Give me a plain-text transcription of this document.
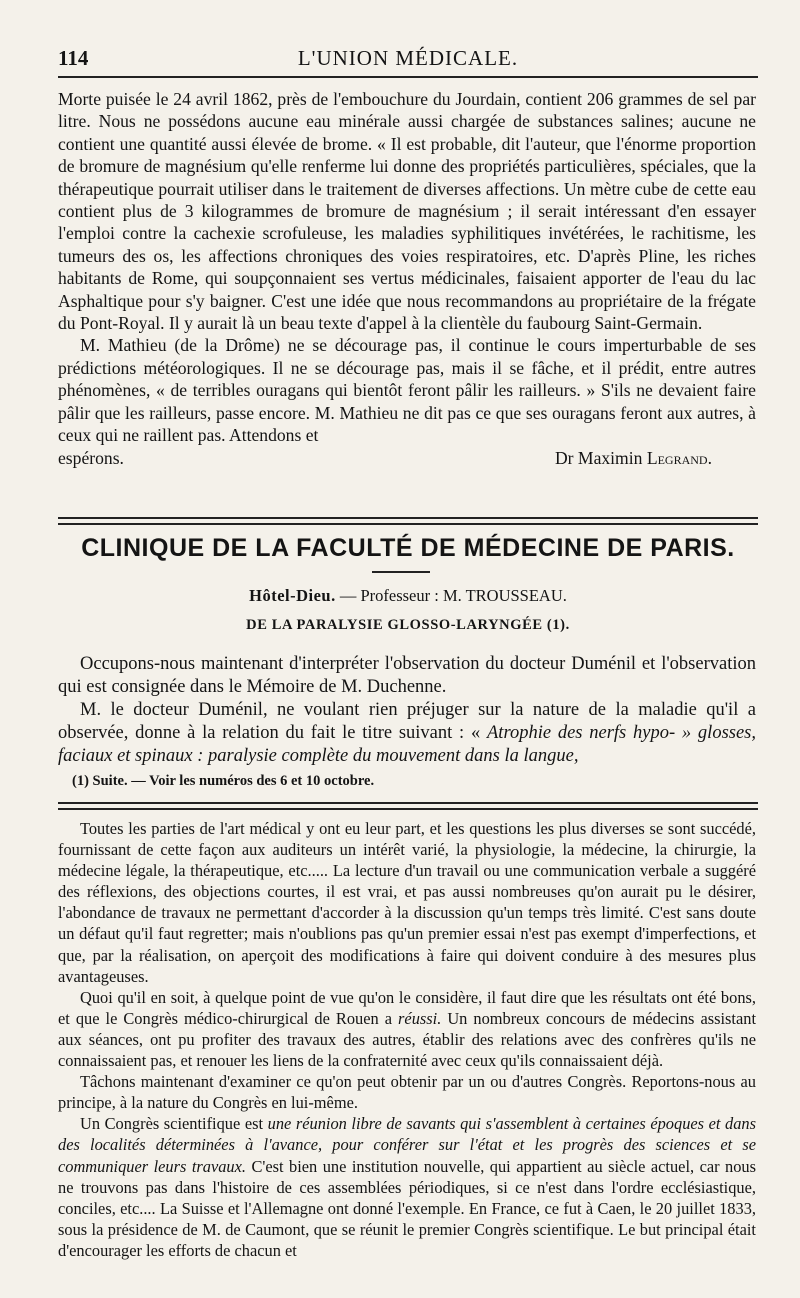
114	L'UNION MÉDICALE.

Morte puisée le 24 avril 1862, près de l'embouchure du Jourdain, contient 206 grammes de sel par litre. Nous ne possédons aucune eau minérale aussi chargée de substances salines; aucune ne contient une quantité aussi élevée de brome. « Il est probable, dit l'auteur, que l'énorme proportion de bromure de magnésium qu'elle renferme lui donne des propriétés particulières, spéciales, que la thérapeutique pourrait utiliser dans le traitement de diverses affections. Un mètre cube de cette eau contient plus de 3 kilogrammes de bromure de magnésium ; il serait intéressant d'en essayer l'emploi contre la cachexie scrofuleuse, les maladies syphilitiques invétérées, le rachitisme, les tumeurs des os, les affections chroniques des voies respiratoires, etc. D'après Pline, les riches habitants de Rome, qui soupçonnaient ses vertus médicinales, faisaient apporter de l'eau du lac Asphaltique pour s'y baigner. C'est une idée que nous recommandons au propriétaire de la frégate du Pont-Royal. Il y aurait là un beau texte d'appel à la clientèle du faubourg Saint-Germain.

M. Mathieu (de la Drôme) ne se décourage pas, il continue le cours imperturbable de ses prédictions météorologiques. Il ne se décourage pas, mais il se fâche, et il prédit, entre autres phénomènes, « de terribles ouragans qui bientôt feront pâlir les railleurs. » S'ils ne devaient faire pâlir que les railleurs, passe encore. M. Mathieu ne dit pas ce que ses ouragans feront aux autres, à ceux qui ne raillent pas. Attendons et

espérons.	Dr Maximin Legrand.
CLINIQUE DE LA FACULTÉ DE MÉDECINE DE PARIS.
Hôtel-Dieu. — Professeur : M. TROUSSEAU.
DE LA PARALYSIE GLOSSO-LARYNGÉE (1).

Occupons-nous maintenant d'interpréter l'observation du docteur Duménil et l'observation qui est consignée dans le Mémoire de M. Duchenne.

M. le docteur Duménil, ne voulant rien préjuger sur la nature de la maladie qu'il a observée, donne à la relation du fait le titre suivant : « Atrophie des nerfs hypo- » glosses, faciaux et spinaux : paralysie complète du mouvement dans la langue,

(1) Suite. — Voir les numéros des 6 et 10 octobre.

Toutes les parties de l'art médical y ont eu leur part, et les questions les plus diverses se sont succédé, fournissant de cette façon aux auditeurs un intérêt varié, la physiologie, la médecine, la chirurgie, la médecine légale, la thérapeutique, etc..... La lecture d'un travail ou une communication verbale a suggéré des réflexions, des objections courtes, il est vrai, et pas aussi nombreuses qu'on aurait pu le désirer, l'abondance de travaux ne permettant d'accorder à la discussion qu'un temps très limité. C'est sans doute un défaut qu'il faut regretter; mais n'oublions pas qu'un premier essai n'est pas exempt d'imperfections, et que, par la réalisation, on aperçoit des modifications à faire qui doivent conduire à des mesures plus avantageuses.

Quoi qu'il en soit, à quelque point de vue qu'on le considère, il faut dire que les résultats ont été bons, et que le Congrès médico-chirurgical de Rouen a réussi. Un nombreux concours de médecins assistant aux séances, ont pu profiter des travaux des autres, établir des relations avec des confrères qu'ils ne connaissaient pas, et renouer les liens de la confraternité avec ceux qu'ils connaissaient déjà.

Tâchons maintenant d'examiner ce qu'on peut obtenir par un ou d'autres Congrès. Reportons-nous au principe, à la nature du Congrès en lui-même.

Un Congrès scientifique est une réunion libre de savants qui s'assemblent à certaines époques et dans des localités déterminées à l'avance, pour conférer sur l'état et les progrès des sciences et se communiquer leurs travaux. C'est bien une institution nouvelle, qui appartient au siècle actuel, car nous ne trouvons pas dans l'histoire de ces assemblées périodiques, si ce n'est dans l'ordre ecclésiastique, conciles, etc.... La Suisse et l'Allemagne ont donné l'exemple. En France, ce fut à Caen, le 20 juillet 1833, sous la présidence de M. de Caumont, que se réunit le premier Congrès scientifique. Le but principal était d'encourager les efforts de chacun et
